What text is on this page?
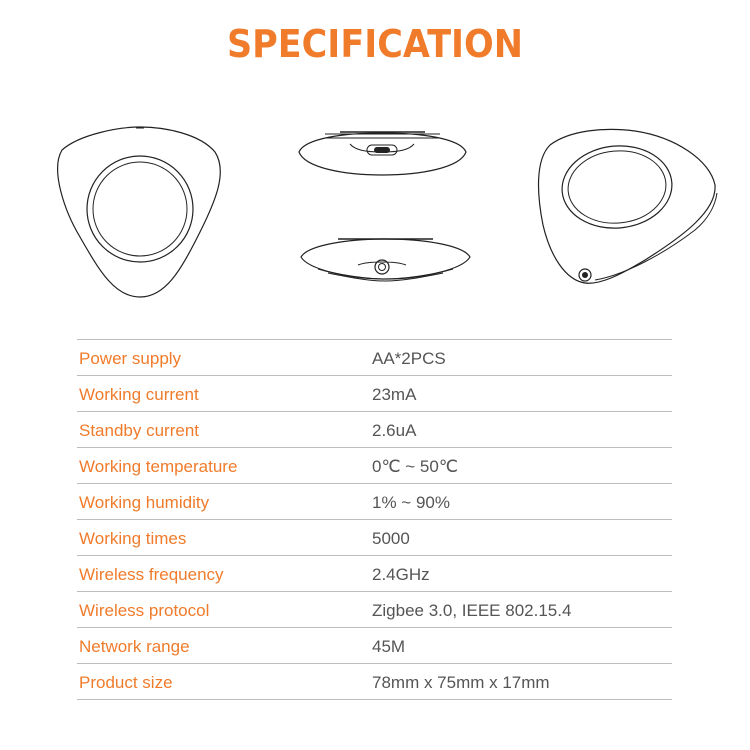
SPECIFICATION
Power supply	AA*2PCS
Working current	23mA
Standby current	2.6uA
Working temperature	0℃ ~ 50℃
Working humidity	1% ~ 90%
Working times	5000
Wireless frequency	2.4GHz
Wireless protocol	Zigbee 3.0, IEEE 802.15.4
Network range	45M
Product size	78mm x 75mm x 17mm
